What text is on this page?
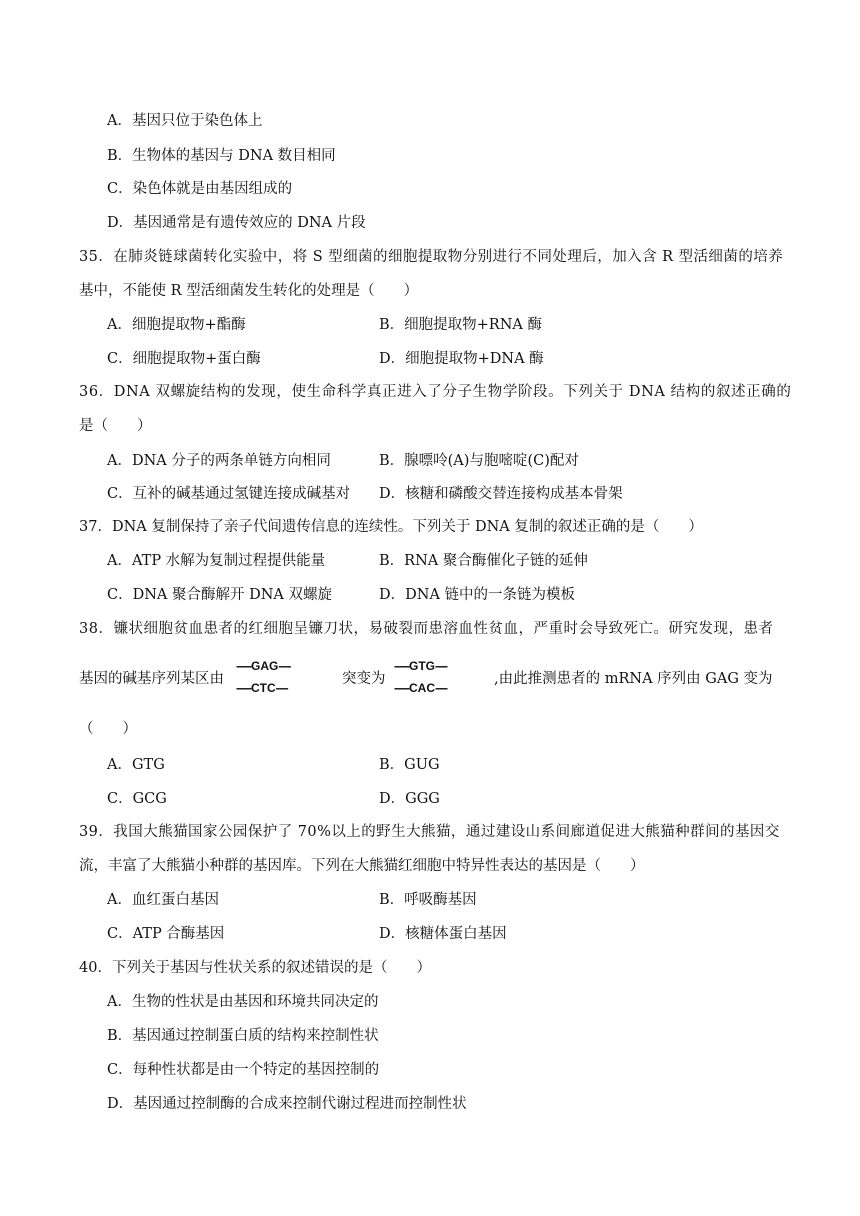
A．基因只位于染色体上
B．生物体的基因与 DNA 数目相同
C．染色体就是由基因组成的
D．基因通常是有遗传效应的 DNA 片段
35．在肺炎链球菌转化实验中，将 S 型细菌的细胞提取物分别进行不同处理后，加入含 R 型活细菌的培养
基中，不能使 R 型活细菌发生转化的处理是（　　）
A．细胞提取物+酯酶	B．细胞提取物+RNA 酶
C．细胞提取物+蛋白酶	D．细胞提取物+DNA 酶
36．DNA 双螺旋结构的发现，使生命科学真正进入了分子生物学阶段。下列关于 DNA 结构的叙述正确的
是（　　）
A．DNA 分子的两条单链方向相同	B．腺嘌呤(A)与胞嘧啶(C)配对
C．互补的碱基通过氢键连接成碱基对 D．核糖和磷酸交替连接构成基本骨架
37．DNA 复制保持了亲子代间遗传信息的连续性。下列关于 DNA 复制的叙述正确的是（　　）
A．ATP 水解为复制过程提供能量	B．RNA 聚合酶催化子链的延伸
C．DNA 聚合酶解开 DNA 双螺旋	D．DNA 链中的一条链为模板
38．镰状细胞贫血患者的红细胞呈镰刀状，易破裂而患溶血性贫血，严重时会导致死亡。研究发现，患者
基因的碱基序列某区由
-----GAG----
-----CTC----
突变为
-----GTG----
-----CAC----
,由此推测患者的 mRNA 序列由 GAG 变为
（　　）
A．GTG	B．GUG
C．GCG	D．GGG
39．我国大熊猫国家公园保护了 70%以上的野生大熊猫，通过建设山系间廊道促进大熊猫种群间的基因交
流，丰富了大熊猫小种群的基因库。下列在大熊猫红细胞中特异性表达的基因是（　　）
A．血红蛋白基因	B．呼吸酶基因
C．ATP 合酶基因	D．核糖体蛋白基因
40．下列关于基因与性状关系的叙述错误的是（　　）
A．生物的性状是由基因和环境共同决定的
B．基因通过控制蛋白质的结构来控制性状
C．每种性状都是由一个特定的基因控制的
D．基因通过控制酶的合成来控制代谢过程进而控制性状
